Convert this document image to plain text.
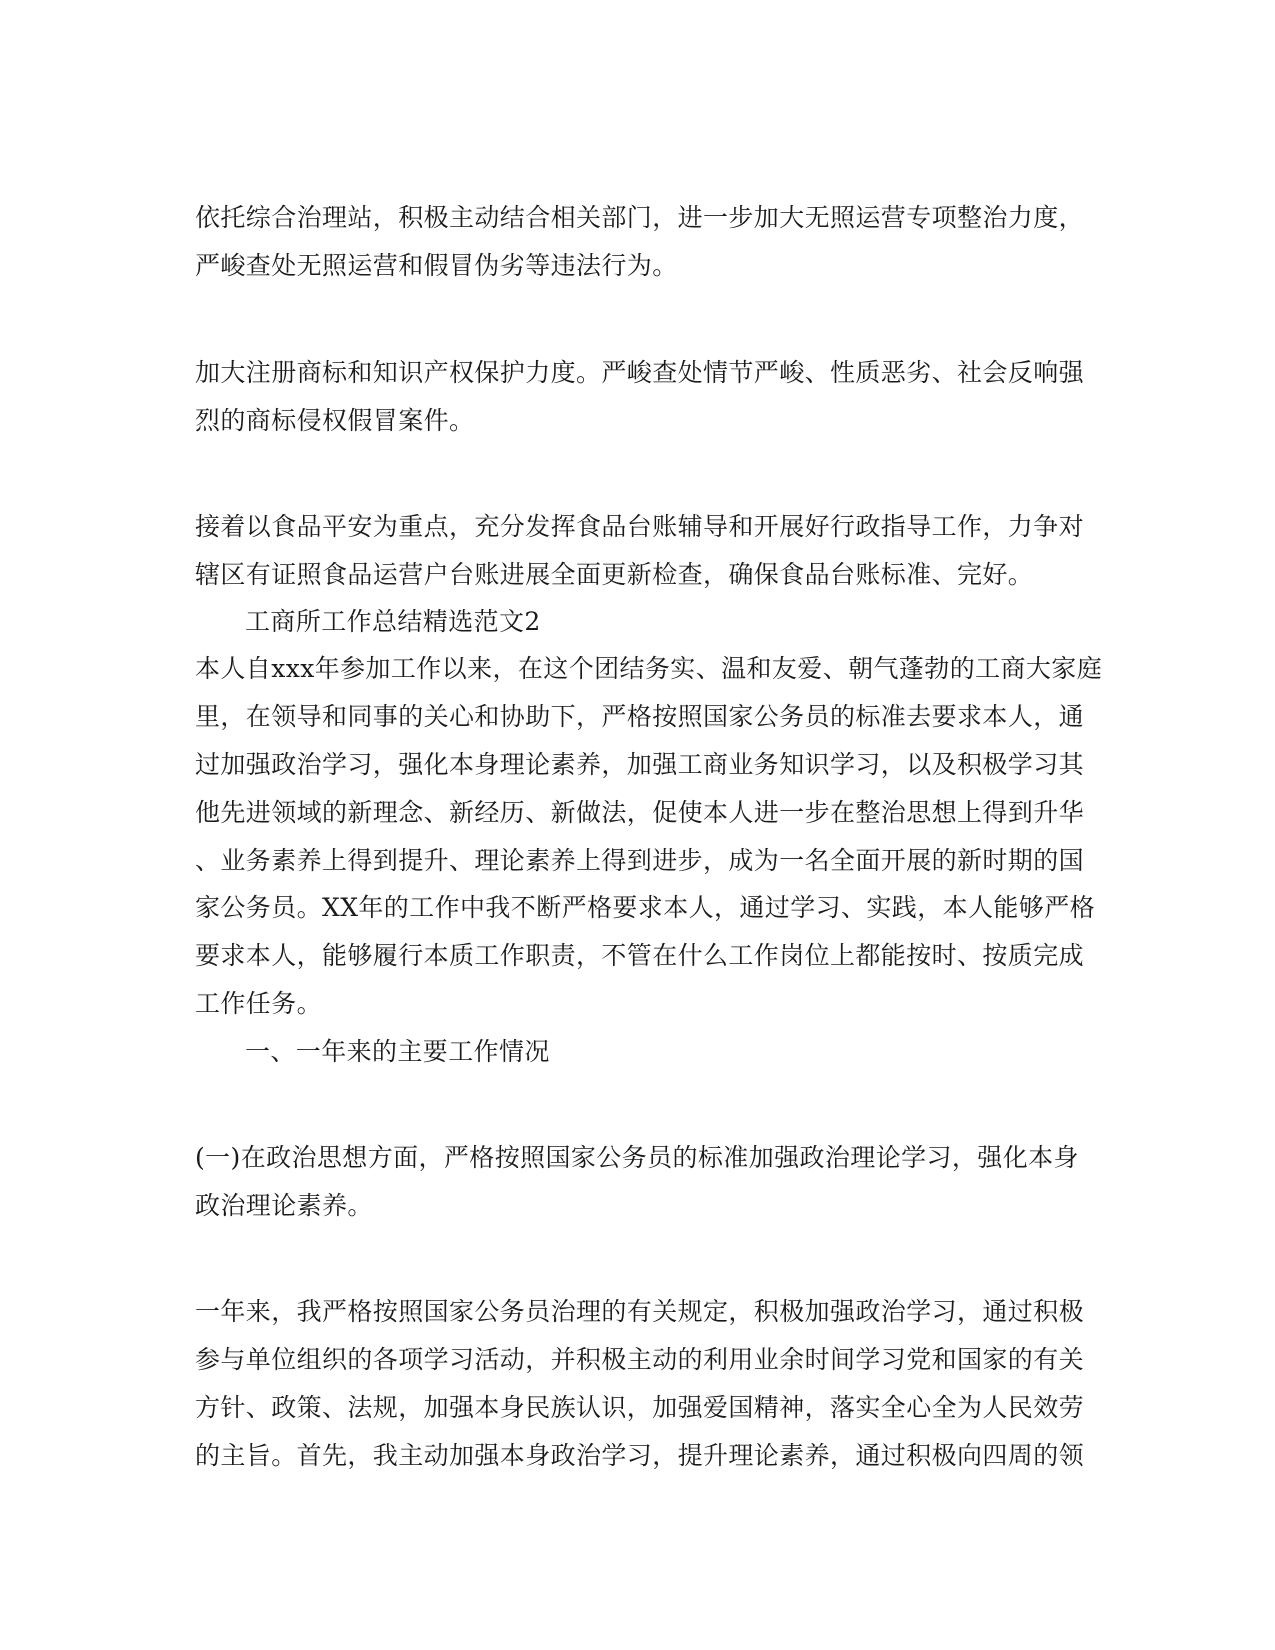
依托综合治理站，积极主动结合相关部门，进一步加大无照运营专项整治力度，
严峻查处无照运营和假冒伪劣等违法行为。
加大注册商标和知识产权保护力度。严峻查处情节严峻、性质恶劣、社会反响强
烈的商标侵权假冒案件。
接着以食品平安为重点，充分发挥食品台账辅导和开展好行政指导工作，力争对
辖区有证照食品运营户台账进展全面更新检查，确保食品台账标准、完好。
工商所工作总结精选范文2
本人自xxx年参加工作以来，在这个团结务实、温和友爱、朝气蓬勃的工商大家庭
里，在领导和同事的关心和协助下，严格按照国家公务员的标准去要求本人，通
过加强政治学习，强化本身理论素养，加强工商业务知识学习，以及积极学习其
他先进领域的新理念、新经历、新做法，促使本人进一步在整治思想上得到升华
、业务素养上得到提升、理论素养上得到进步，成为一名全面开展的新时期的国
家公务员。XX年的工作中我不断严格要求本人，通过学习、实践，本人能够严格
要求本人，能够履行本质工作职责，不管在什么工作岗位上都能按时、按质完成
工作任务。
一、一年来的主要工作情况
(一)在政治思想方面，严格按照国家公务员的标准加强政治理论学习，强化本身
政治理论素养。
一年来，我严格按照国家公务员治理的有关规定，积极加强政治学习，通过积极
参与单位组织的各项学习活动，并积极主动的利用业余时间学习党和国家的有关
方针、政策、法规，加强本身民族认识，加强爱国精神，落实全心全为人民效劳
的主旨。首先，我主动加强本身政治学习，提升理论素养，通过积极向四周的领
